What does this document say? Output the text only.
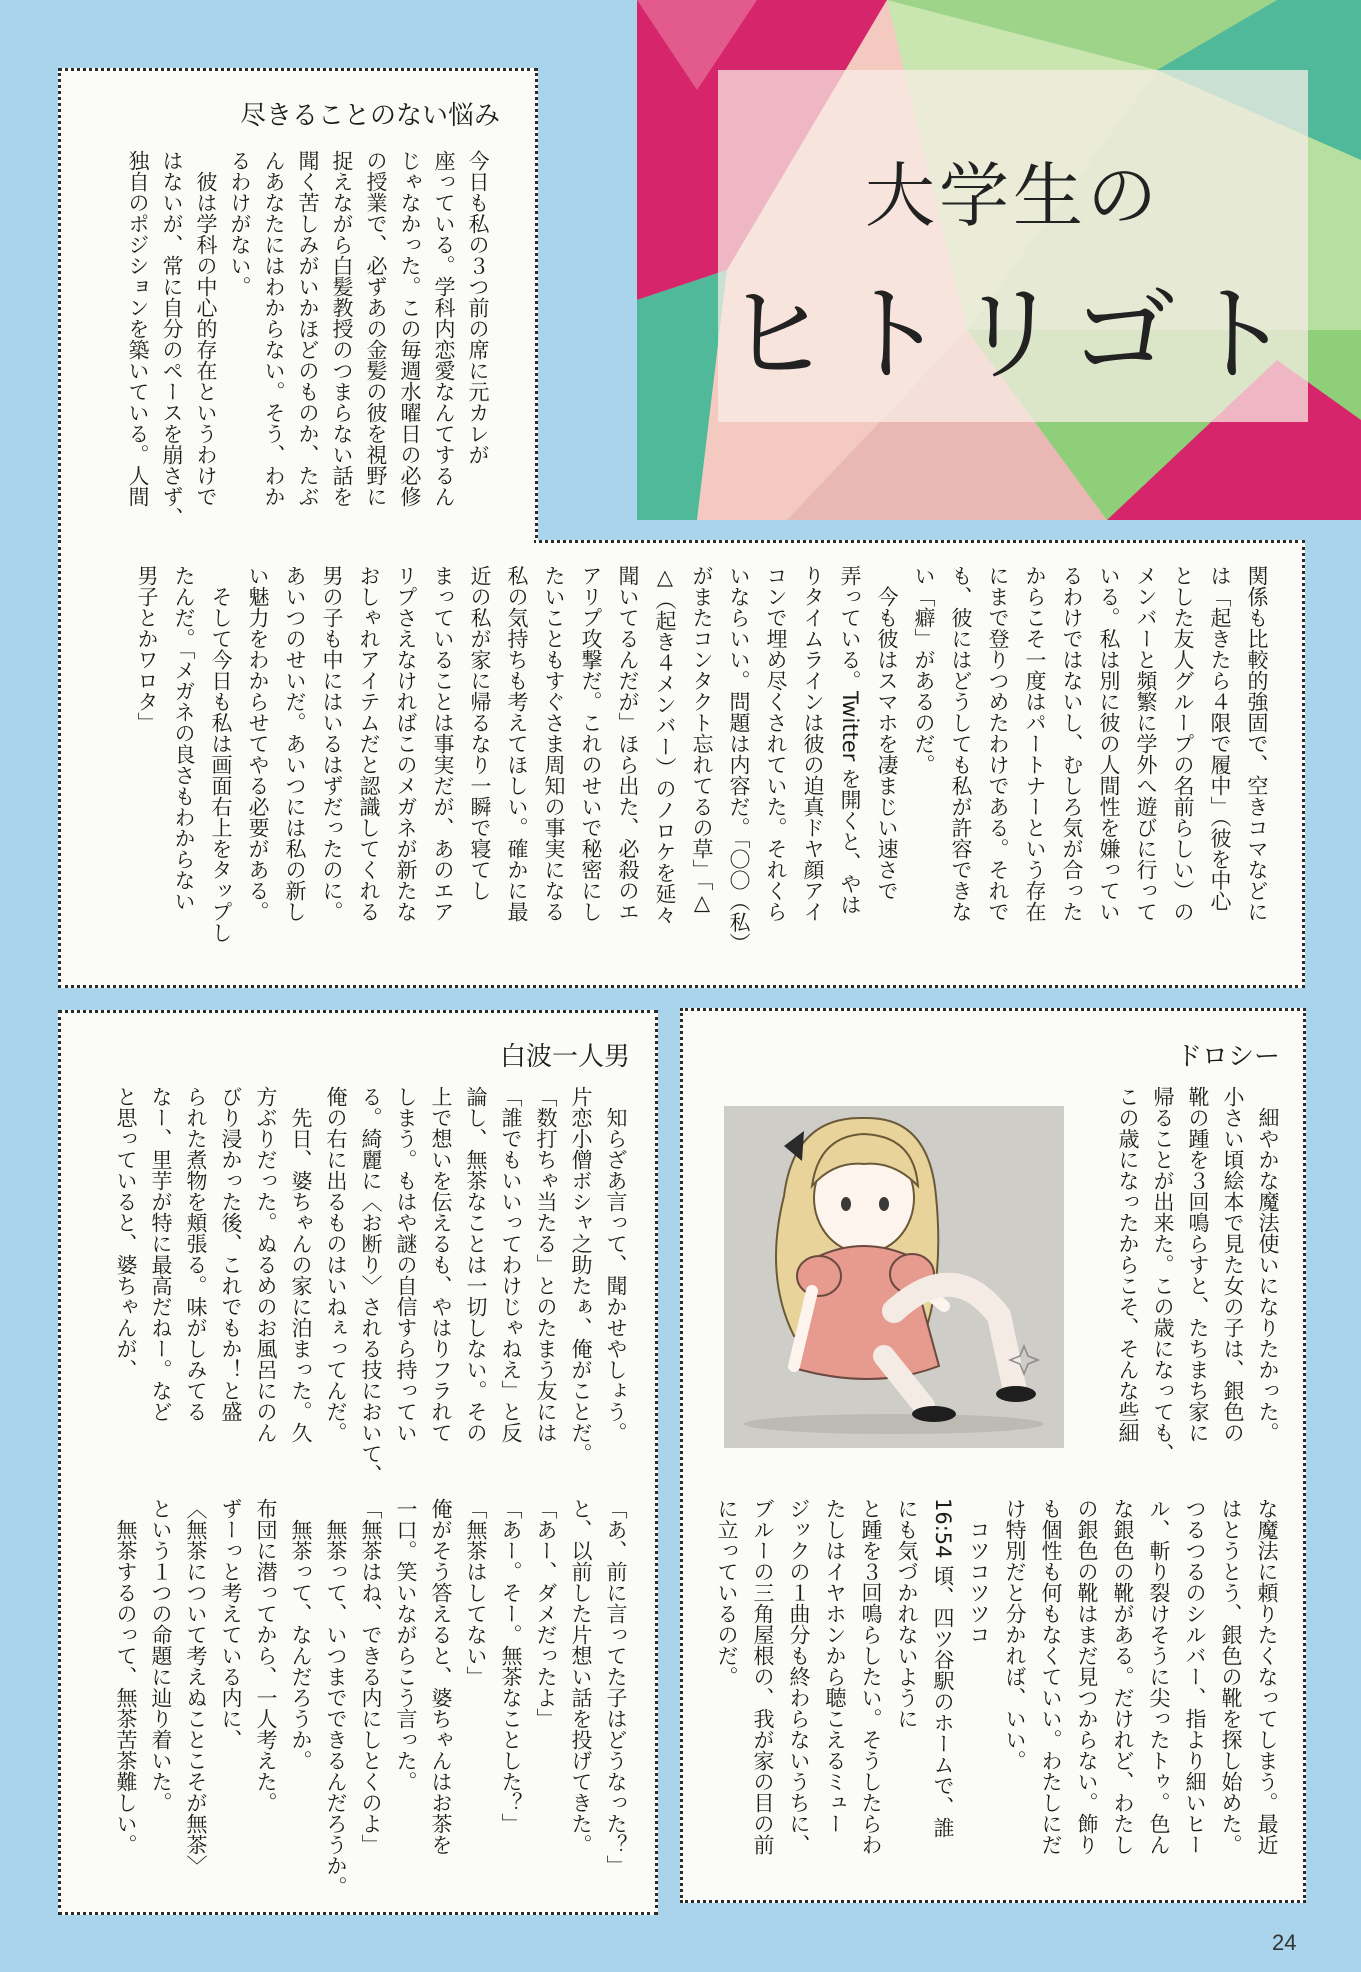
大学生の
ヒトリゴト
尽きることのない悩み
今日も私の３つ前の席に元カレが
座っている。学科内恋愛なんてするん
じゃなかった。この毎週水曜日の必修
の授業で、必ずあの金髪の彼を視野に
捉えながら白髪教授のつまらない話を
聞く苦しみがいかほどのものか、たぶ
んあなたにはわからない。そう、わか
るわけがない。
　彼は学科の中心的存在というわけで
はないが、常に自分のペースを崩さず、
独自のポジションを築いている。人間
関係も比較的強固で、空きコマなどに
は「起きたら４限で履中」（彼を中心
とした友人グループの名前らしい）の
メンバーと頻繁に学外へ遊びに行って
いる。私は別に彼の人間性を嫌ってい
るわけではないし、むしろ気が合った
からこそ一度はパートナーという存在
にまで登りつめたわけである。それで
も、彼にはどうしても私が許容できな
い「癖」があるのだ。
　今も彼はスマホを凄まじい速さで
弄っている。Twitter を開くと、やは
りタイムラインは彼の迫真ドヤ顔アイ
コンで埋め尽くされていた。それくら
いならいい。問題は内容だ。「〇〇（私）
がまたコンタクト忘れてるの草」「△
△（起き４メンバー）のノロケを延々
聞いてるんだが」ほら出た、必殺のエ
アリプ攻撃だ。これのせいで秘密にし
たいこともすぐさま周知の事実になる
私の気持ちも考えてほしい。確かに最
近の私が家に帰るなり一瞬で寝てし
まっていることは事実だが、あのエア
リプさえなければこのメガネが新たな
おしゃれアイテムだと認識してくれる
男の子も中にはいるはずだったのに。
あいつのせいだ。あいつには私の新し
い魅力をわからせてやる必要がある。
　そして今日も私は画面右上をタップし
たんだ。「メガネの良さもわからない
男子とかワロタ」
白波一人男
　知らざあ言って、聞かせやしょう。
片恋小僧ボシャ之助たぁ、俺がことだ。
「数打ちゃ当たる」とのたまう友には
「誰でもいいってわけじゃねえ」と反
論し、無茶なことは一切しない。その
上で想いを伝えるも、やはりフラれて
しまう。もはや謎の自信すら持ってい
る。綺麗に〈お断り〉される技において、
俺の右に出るものはいねぇってんだ。
　先日、婆ちゃんの家に泊まった。久
方ぶりだった。ぬるめのお風呂にのん
びり浸かった後、これでもか！と盛
られた煮物を頬張る。味がしみてる
なー、里芋が特に最高だねー。など
と思っていると、婆ちゃんが、
「あ、前に言ってた子はどうなった？」
と、以前した片想い話を投げてきた。
「あー、ダメだったよ」
「あー。そー。無茶なことした？」
「無茶はしてない」
俺がそう答えると、婆ちゃんはお茶を
一口。笑いながらこう言った。
「無茶はね、できる内にしとくのよ」
　無茶って、いつまでできるんだろうか。
　無茶って、なんだろうか。
布団に潜ってから、一人考えた。
ずーっと考えている内に、
〈無茶について考えぬことこそが無茶〉
という１つの命題に辿り着いた。
　無茶するのって、無茶苦茶難しい。
ドロシー
　細やかな魔法使いになりたかった。
小さい頃絵本で見た女の子は、銀色の
靴の踵を３回鳴らすと、たちまち家に
帰ることが出来た。この歳になっても、
この歳になったからこそ、そんな些細
な魔法に頼りたくなってしまう。最近
はとうとう、銀色の靴を探し始めた。
つるつるのシルバー、指より細いヒー
ル、斬り裂けそうに尖ったトゥ。色ん
な銀色の靴がある。だけれど、わたし
の銀色の靴はまだ見つからない。飾り
も個性も何もなくていい。わたしにだ
け特別だと分かれば、いい。
　コツコツツコ
16:54 頃、四ツ谷駅のホームで、誰
にも気づかれないように
と踵を３回鳴らしたい。そうしたらわ
たしはイヤホンから聴こえるミュー
ジックの１曲分も終わらないうちに、
ブルーの三角屋根の、我が家の目の前
に立っているのだ。
24
